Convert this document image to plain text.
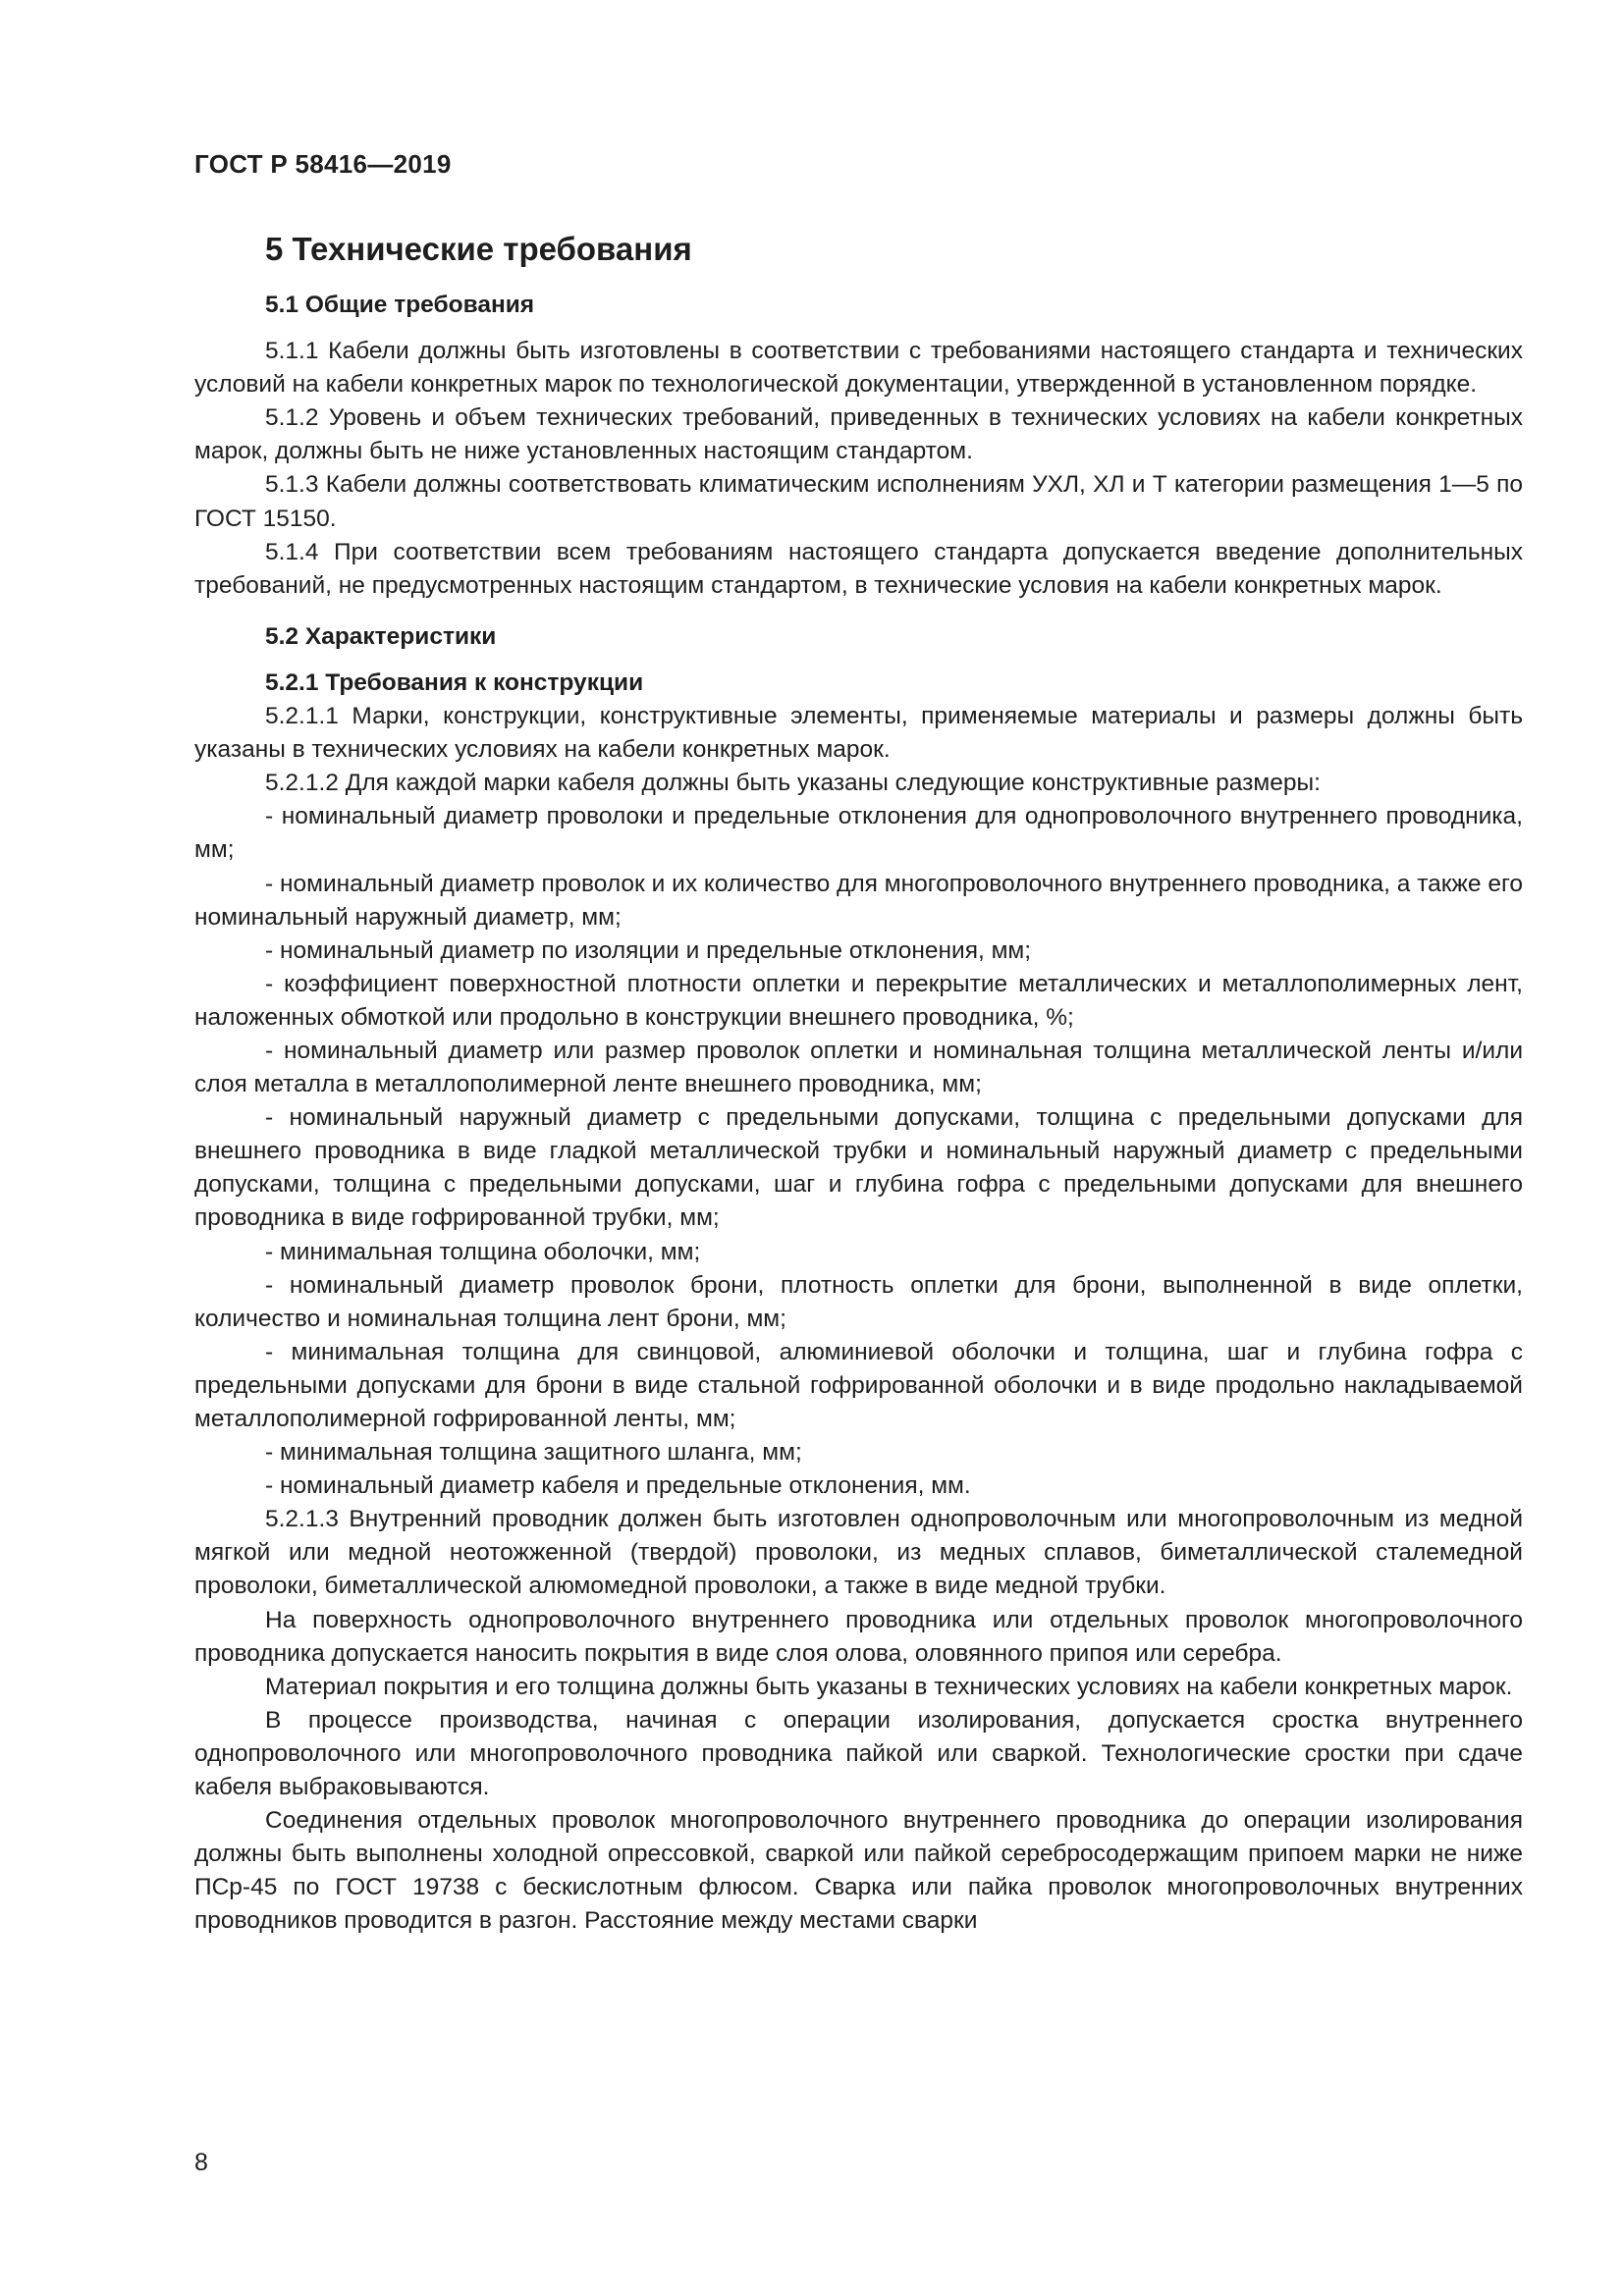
ГОСТ Р 58416—2019
5 Технические требования
5.1 Общие требования

5.1.1 Кабели должны быть изготовлены в соответствии с требованиями настоящего стандарта и технических условий на кабели конкретных марок по технологической документации, утвержденной в установленном порядке.

5.1.2 Уровень и объем технических требований, приведенных в технических условиях на кабели конкретных марок, должны быть не ниже установленных настоящим стандартом.

5.1.3 Кабели должны соответствовать климатическим исполнениям УХЛ, ХЛ и Т категории размещения 1—5 по ГОСТ 15150.

5.1.4 При соответствии всем требованиям настоящего стандарта допускается введение дополнительных требований, не предусмотренных настоящим стандартом, в технические условия на кабели конкретных марок.

5.2 Характеристики
5.2.1 Требования к конструкции

5.2.1.1 Марки, конструкции, конструктивные элементы, применяемые материалы и размеры должны быть указаны в технических условиях на кабели конкретных марок.

5.2.1.2 Для каждой марки кабеля должны быть указаны следующие конструктивные размеры:

- номинальный диаметр проволоки и предельные отклонения для однопроволочного внутреннего проводника, мм;

- номинальный диаметр проволок и их количество для многопроволочного внутреннего проводника, а также его номинальный наружный диаметр, мм;

- номинальный диаметр по изоляции и предельные отклонения, мм;

- коэффициент поверхностной плотности оплетки и перекрытие металлических и металлополимерных лент, наложенных обмоткой или продольно в конструкции внешнего проводника, %;

- номинальный диаметр или размер проволок оплетки и номинальная толщина металлической ленты и/или слоя металла в металлополимерной ленте внешнего проводника, мм;

- номинальный наружный диаметр с предельными допусками, толщина с предельными допусками для внешнего проводника в виде гладкой металлической трубки и номинальный наружный диаметр с предельными допусками, толщина с предельными допусками, шаг и глубина гофра с предельными допусками для внешнего проводника в виде гофрированной трубки, мм;

- минимальная толщина оболочки, мм;

- номинальный диаметр проволок брони, плотность оплетки для брони, выполненной в виде оплетки, количество и номинальная толщина лент брони, мм;

- минимальная толщина для свинцовой, алюминиевой оболочки и толщина, шаг и глубина гофра с предельными допусками для брони в виде стальной гофрированной оболочки и в виде продольно накладываемой металлополимерной гофрированной ленты, мм;

- минимальная толщина защитного шланга, мм;

- номинальный диаметр кабеля и предельные отклонения, мм.

5.2.1.3 Внутренний проводник должен быть изготовлен однопроволочным или многопроволочным из медной мягкой или медной неотожженной (твердой) проволоки, из медных сплавов, биметаллической сталемедной проволоки, биметаллической алюмомедной проволоки, а также в виде медной трубки.

На поверхность однопроволочного внутреннего проводника или отдельных проволок многопроволочного проводника допускается наносить покрытия в виде слоя олова, оловянного припоя или серебра.

Материал покрытия и его толщина должны быть указаны в технических условиях на кабели конкретных марок.

В процессе производства, начиная с операции изолирования, допускается сростка внутреннего однопроволочного или многопроволочного проводника пайкой или сваркой. Технологические сростки при сдаче кабеля выбраковываются.

Соединения отдельных проволок многопроволочного внутреннего проводника до операции изолирования должны быть выполнены холодной опрессовкой, сваркой или пайкой серебросодержащим припоем марки не ниже ПСр-45 по ГОСТ 19738 с бескислотным флюсом. Сварка или пайка проволок многопроволочных внутренних проводников проводится в разгон. Расстояние между местами сварки

8
